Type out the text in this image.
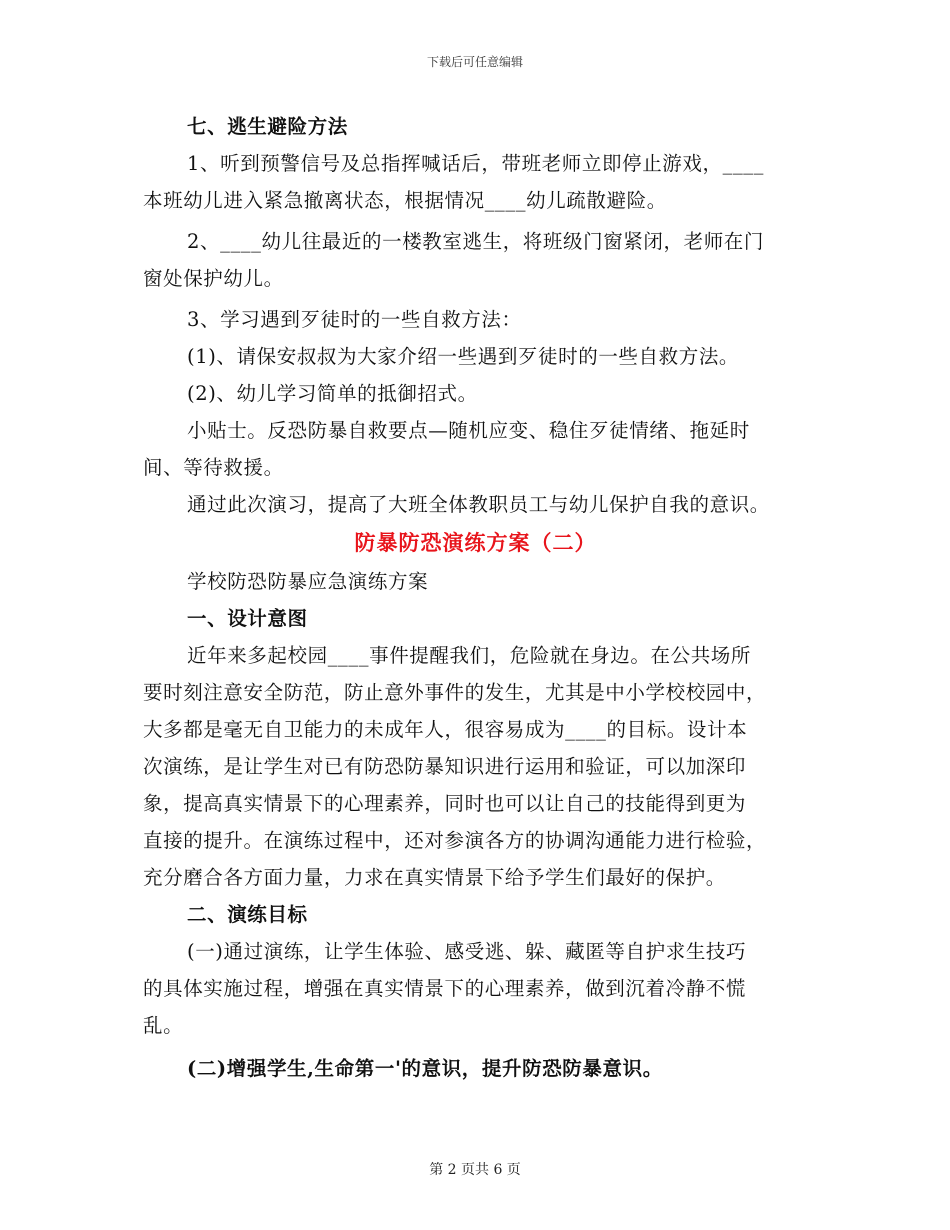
下载后可任意编辑
七、逃生避险方法
1、听到预警信号及总指挥喊话后，带班老师立即停止游戏，____
本班幼儿进入紧急撤离状态，根据情况____幼儿疏散避险。
2、____幼儿往最近的一楼教室逃生，将班级门窗紧闭，老师在门
窗处保护幼儿。
3、学习遇到歹徒时的一些自救方法：
(1)、请保安叔叔为大家介绍一些遇到歹徒时的一些自救方法。
(2)、幼儿学习简单的抵御招式。
小贴士。反恐防暴自救要点—随机应变、稳住歹徒情绪、拖延时
间、等待救援。
通过此次演习，提高了大班全体教职员工与幼儿保护自我的意识。
防暴防恐演练方案（二）
学校防恐防暴应急演练方案
一、设计意图
近年来多起校园____事件提醒我们，危险就在身边。在公共场所
要时刻注意安全防范，防止意外事件的发生，尤其是中小学校校园中，
大多都是毫无自卫能力的未成年人，很容易成为____的目标。设计本
次演练，是让学生对已有防恐防暴知识进行运用和验证，可以加深印
象，提高真实情景下的心理素养，同时也可以让自己的技能得到更为
直接的提升。在演练过程中，还对参演各方的协调沟通能力进行检验，
充分磨合各方面力量，力求在真实情景下给予学生们最好的保护。
二、演练目标
(一)通过演练，让学生体验、感受逃、躲、藏匿等自护求生技巧
的具体实施过程，增强在真实情景下的心理素养，做到沉着冷静不慌
乱。
(二)增强学生,生命第一'的意识，提升防恐防暴意识。
第 2 页共 6 页
